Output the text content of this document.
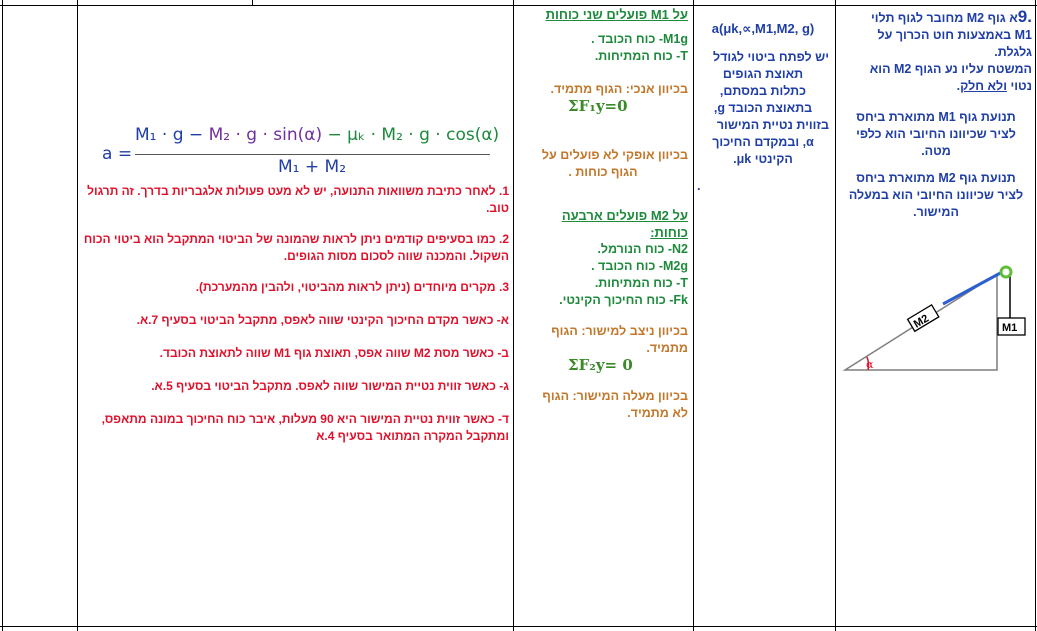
.9א גוף M2 מחובר לגוף תלוי

M1 באמצעות חוט הכרוך על

גלגלת.

המשטח עליו נע הגוף M2 הוא

נטוי ולא חלק.

תנועת גוף M1 מתוארת ביחס

לציר שכיוונו החיובי הוא כלפי

מטה.

תנועת גוף M2 מתוארת ביחס

לציר שכיוונו החיובי הוא במעלה

המישור.

α
M2	M1

a(μk,∝,M1,M2, g)

יש לפתח ביטוי לגודל

תאוצת הגופים

כתלות במסתם,

בתאוצת הכובד g,

בזווית נטיית המישור

α, ובמקדם החיכוך

הקינטי μk.

.

על M1 פועלים שני כוחות

M1g- כוח הכובד .

T- כוח המתיחות.

בכיוון אנכי: הגוף מתמיד.

ΣF₁y=0

בכיוון אופקי לא פועלים על

הגוף כוחות .

על M2 פועלים ארבעה

כוחות:

N2- כוח הנורמל.

M2g- כוח הכובד .

T- כוח המתיחות.

Fk- כוח החיכוך הקינטי.

בכיוון ניצב למישור: הגוף

מתמיד.

ΣF₂y= 0

בכיוון מעלה המישור: הגוף

לא מתמיד.

a =
M₁ · g − M₂ · g · sin(α) − μₖ · M₂ · g · cos(α)
M₁ + M₂

1. לאחר כתיבת משוואות התנועה, יש לא מעט פעולות אלגבריות בדרך. זה תרגול טוב.

2. כמו בסעיפים קודמים ניתן לראות שהמונה של הביטוי המתקבל הוא ביטוי הכוח השקול. והמכנה שווה לסכום מסות הגופים.

3. מקרים מיוחדים (ניתן לראות מהביטוי, ולהבין מהמערכת).

א- כאשר מקדם החיכוך הקינטי שווה לאפס, מתקבל הביטוי בסעיף 7.א.

ב- כאשר מסת M2 שווה אפס, תאוצת גוף M1 שווה לתאוצת הכובד.

ג- כאשר זווית נטיית המישור שווה לאפס. מתקבל הביטוי בסעיף 5.א.

ד- כאשר זווית נטיית המישור היא 90 מעלות, איבר כוח החיכוך במונה מתאפס, ומתקבל המקרה המתואר בסעיף 4.א
